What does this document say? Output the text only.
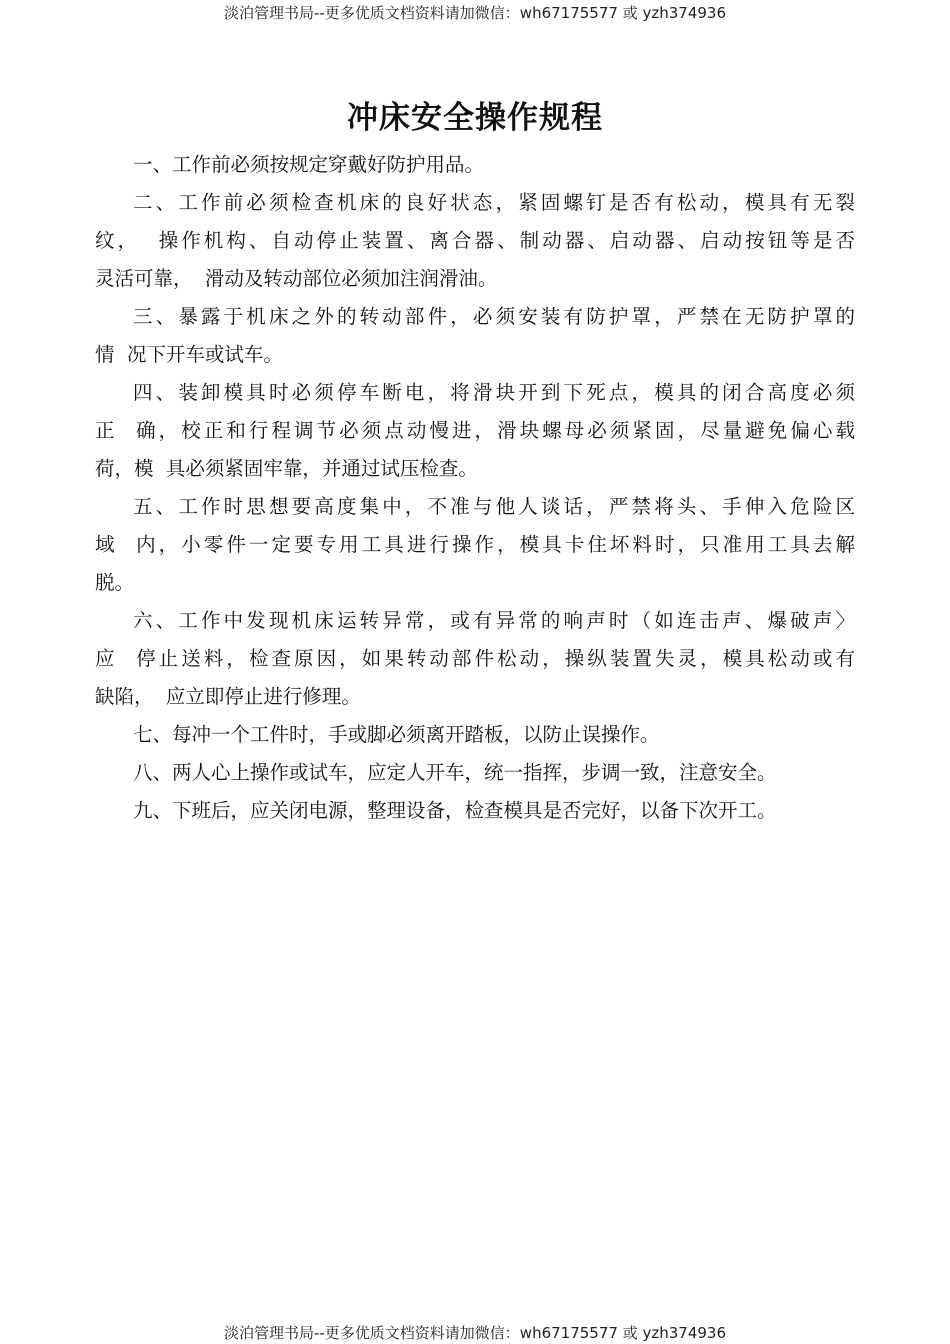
淡泊管理书局--更多优质文档资料请加微信：wh67175577 或 yzh374936
冲床安全操作规程
一、工作前必须按规定穿戴好防护用品。
二、工作前必须检查机床的良好状态，紧固螺钉是否有松动，模具有无裂
纹，  操作机构、自动停止装置、离合器、制动器、启动器、启动按钮等是否
灵活可靠，  滑动及转动部位必须加注润滑油。
三、暴露于机床之外的转动部件，必须安装有防护罩，严禁在无防护罩的
情  况下开车或试车。
四、装卸模具时必须停车断电，将滑块开到下死点，模具的闭合高度必须
正  确，校正和行程调节必须点动慢进，滑块螺母必须紧固，尽量避免偏心载
荷，模  具必须紧固牢靠，并通过试压检查。
五、工作时思想要高度集中，不准与他人谈话，严禁将头、手伸入危险区
域  内，小零件一定要专用工具进行操作，模具卡住坏料时，只准用工具去解
脱。
六、工作中发现机床运转异常，或有异常的响声时（如连击声、爆破声〉
应  停止送料，检查原因，如果转动部件松动，操纵装置失灵，模具松动或有
缺陷，  应立即停止进行修理。
七、每冲一个工件时，手或脚必须离开踏板，以防止误操作。
八、两人心上操作或试车，应定人开车，统一指挥，步调一致，注意安全。
九、下班后，应关闭电源，整理设备，检查模具是否完好，以备下次开工。
淡泊管理书局--更多优质文档资料请加微信：wh67175577 或 yzh374936
